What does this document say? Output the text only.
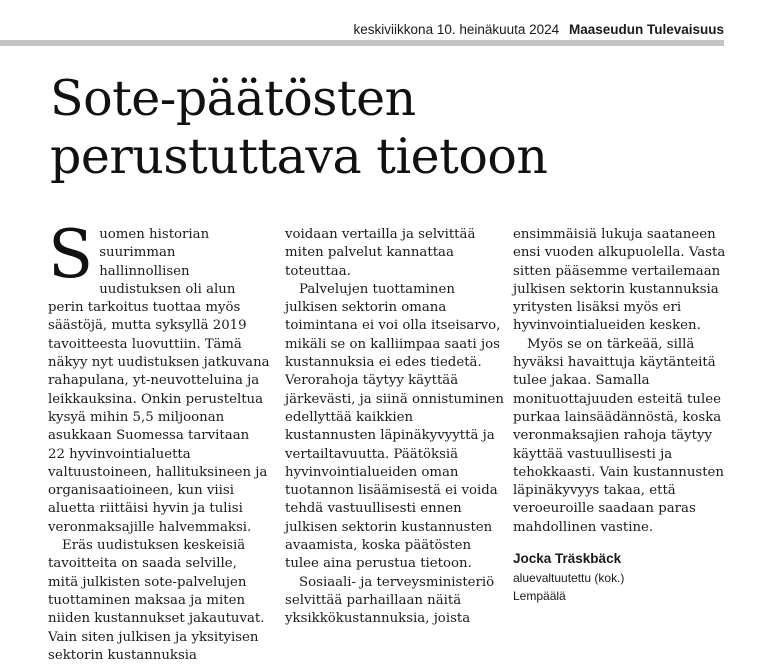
keskiviikkona 10. heinäkuuta 2024 Maaseudun Tulevaisuus
Sote-päätösten
perustuttava tietoon

Suomen historian suurimman hallinnollisen uudistuksen oli alun perin tarkoitus tuottaa myös säästöjä, mutta syksyllä 2019 tavoitteesta luovuttiin. Tämä näkyy nyt uudistuksen jatkuvana rahapulana, yt-neuvotteluina ja leikkauksina. Onkin perusteltua kysyä mihin 5,5 miljoonan asukkaan Suomessa tarvitaan 22 hyvinvointialuetta valtuustoineen, hallituksineen ja organisaatioineen, kun viisi aluetta riittäisi hyvin ja tulisi veronmaksajille halvemmaksi.

Eräs uudistuksen keskeisiä tavoitteita on saada selville, mitä julkisten sote-palvelujen tuottaminen maksaa ja miten niiden kustannukset jakautuvat. Vain siten julkisen ja yksityisen sektorin kustannuksia

voidaan vertailla ja selvittää miten palvelut kannattaa toteuttaa.

Palvelujen tuottaminen julkisen sektorin omana toimintana ei voi olla itseisarvo, mikäli se on kalliimpaa saati jos kustannuksia ei edes tiedetä. Verorahoja täytyy käyttää järkevästi, ja siinä onnistuminen edellyttää kaikkien kustannusten läpinäkyvyyttä ja vertailtavuutta. Päätöksiä hyvinvointialueiden oman tuotannon lisäämisestä ei voida tehdä vastuullisesti ennen julkisen sektorin kustannusten avaamista, koska päätösten tulee aina perustua tietoon.

Sosiaali- ja terveysministeriö selvittää parhaillaan näitä yksikkökustannuksia, joista

ensimmäisiä lukuja saataneen ensi vuoden alkupuolella. Vasta sitten pääsemme vertailemaan julkisen sektorin kustannuksia yritysten lisäksi myös eri hyvinvointialueiden kesken.

Myös se on tärkeää, sillä hyväksi havaittuja käytänteitä tulee jakaa. Samalla monituottajuuden esteitä tulee purkaa lainsäädännöstä, koska veronmaksajien rahoja täytyy käyttää vastuullisesti ja tehokkaasti. Vain kustannusten läpinäkyvyys takaa, että veroeuroille saadaan paras mahdollinen vastine.

Jocka Träskbäck
aluevaltuutettu (kok.)
Lempäälä
